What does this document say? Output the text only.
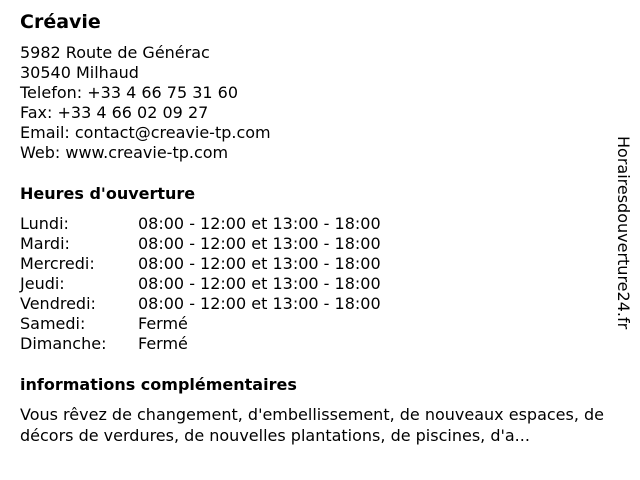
Créavie
5982 Route de Générac
30540 Milhaud
Telefon: +33 4 66 75 31 60
Fax: +33 4 66 02 09 27
Email: contact@creavie-tp.com
Web: www.creavie-tp.com
Heures d'ouverture
Lundi:	08:00 - 12:00 et 13:00 - 18:00
Mardi:	08:00 - 12:00 et 13:00 - 18:00
Mercredi:	08:00 - 12:00 et 13:00 - 18:00
Jeudi:	08:00 - 12:00 et 13:00 - 18:00
Vendredi:	08:00 - 12:00 et 13:00 - 18:00
Samedi:	Fermé
Dimanche:	Fermé
informations complémentaires
Vous rêvez de changement, d'embellissement, de nouveaux espaces, de décors de verdures, de nouvelles plantations, de piscines, d'a...
Horairesdouverture24.fr
